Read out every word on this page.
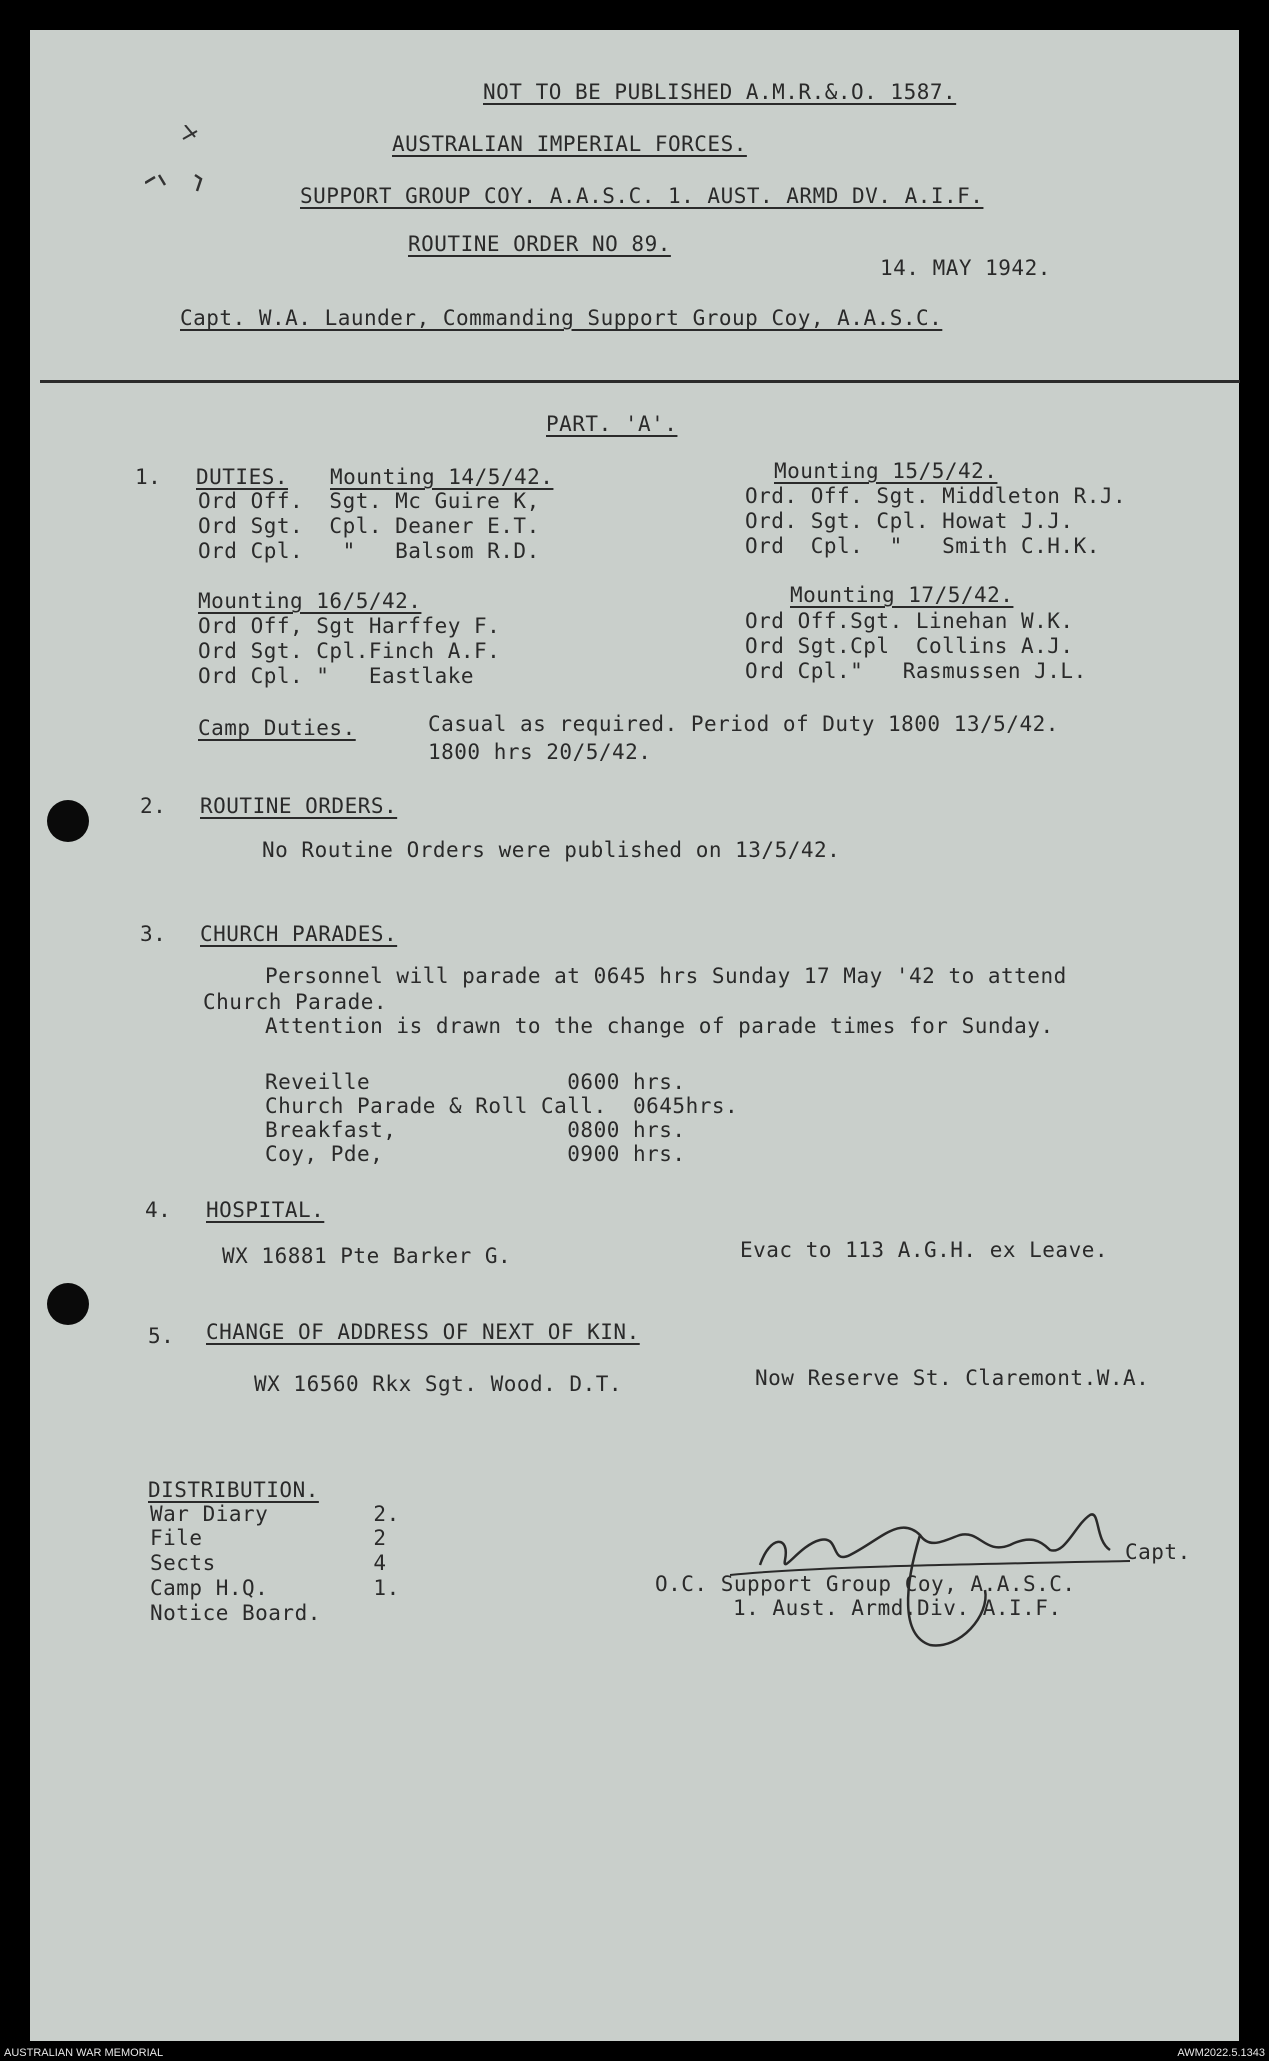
NOT TO BE PUBLISHED A.M.R.&.O. 1587.
AUSTRALIAN IMPERIAL FORCES.
SUPPORT GROUP COY. A.A.S.C. 1. AUST. ARMD DV. A.I.F.
ROUTINE ORDER NO 89.
14. MAY 1942.
Capt. W.A. Launder, Commanding Support Group Coy, A.A.S.C.
PART. 'A'.
1. DUTIES. Mounting 14/5/42.
Ord Off.  Sgt. Mc Guire K,
Ord Sgt.  Cpl. Deaner E.T.
Ord Cpl.   "   Balsom R.D.
Mounting 15/5/42.
Ord. Off. Sgt. Middleton R.J.
Ord. Sgt. Cpl. Howat J.J.
Ord  Cpl.  "   Smith C.H.K.
Mounting 16/5/42.
Ord Off, Sgt Harffey F.
Ord Sgt. Cpl.Finch A.F.
Ord Cpl. "   Eastlake
Mounting 17/5/42.
Ord Off.Sgt. Linehan W.K.
Ord Sgt.Cpl  Collins A.J.
Ord Cpl."   Rasmussen J.L.
Camp Duties.	Casual as required. Period of Duty 1800 13/5/42.
1800 hrs 20/5/42.
2. ROUTINE ORDERS.
No Routine Orders were published on 13/5/42.
3. CHURCH PARADES.
Personnel will parade at 0645 hrs Sunday 17 May '42 to attend
Church Parade.
Attention is drawn to the change of parade times for Sunday.
Reveille               0600 hrs.
Church Parade & Roll Call.  0645hrs.
Breakfast,             0800 hrs.
Coy, Pde,              0900 hrs.
4. HOSPITAL.
WX 16881 Pte Barker G.	Evac to 113 A.G.H. ex Leave.
5. CHANGE OF ADDRESS OF NEXT OF KIN.
WX 16560 Rkx Sgt. Wood. D.T.	Now Reserve St. Claremont.W.A.
DISTRIBUTION.
War Diary        2.
File             2
Sects            4
Camp H.Q.        1.
Notice Board.
Capt.
O.C. Support Group Coy, A.A.S.C.
1. Aust. Armd.Div. A.I.F.
AUSTRALIAN WAR MEMORIAL	AWM2022.5.1343
